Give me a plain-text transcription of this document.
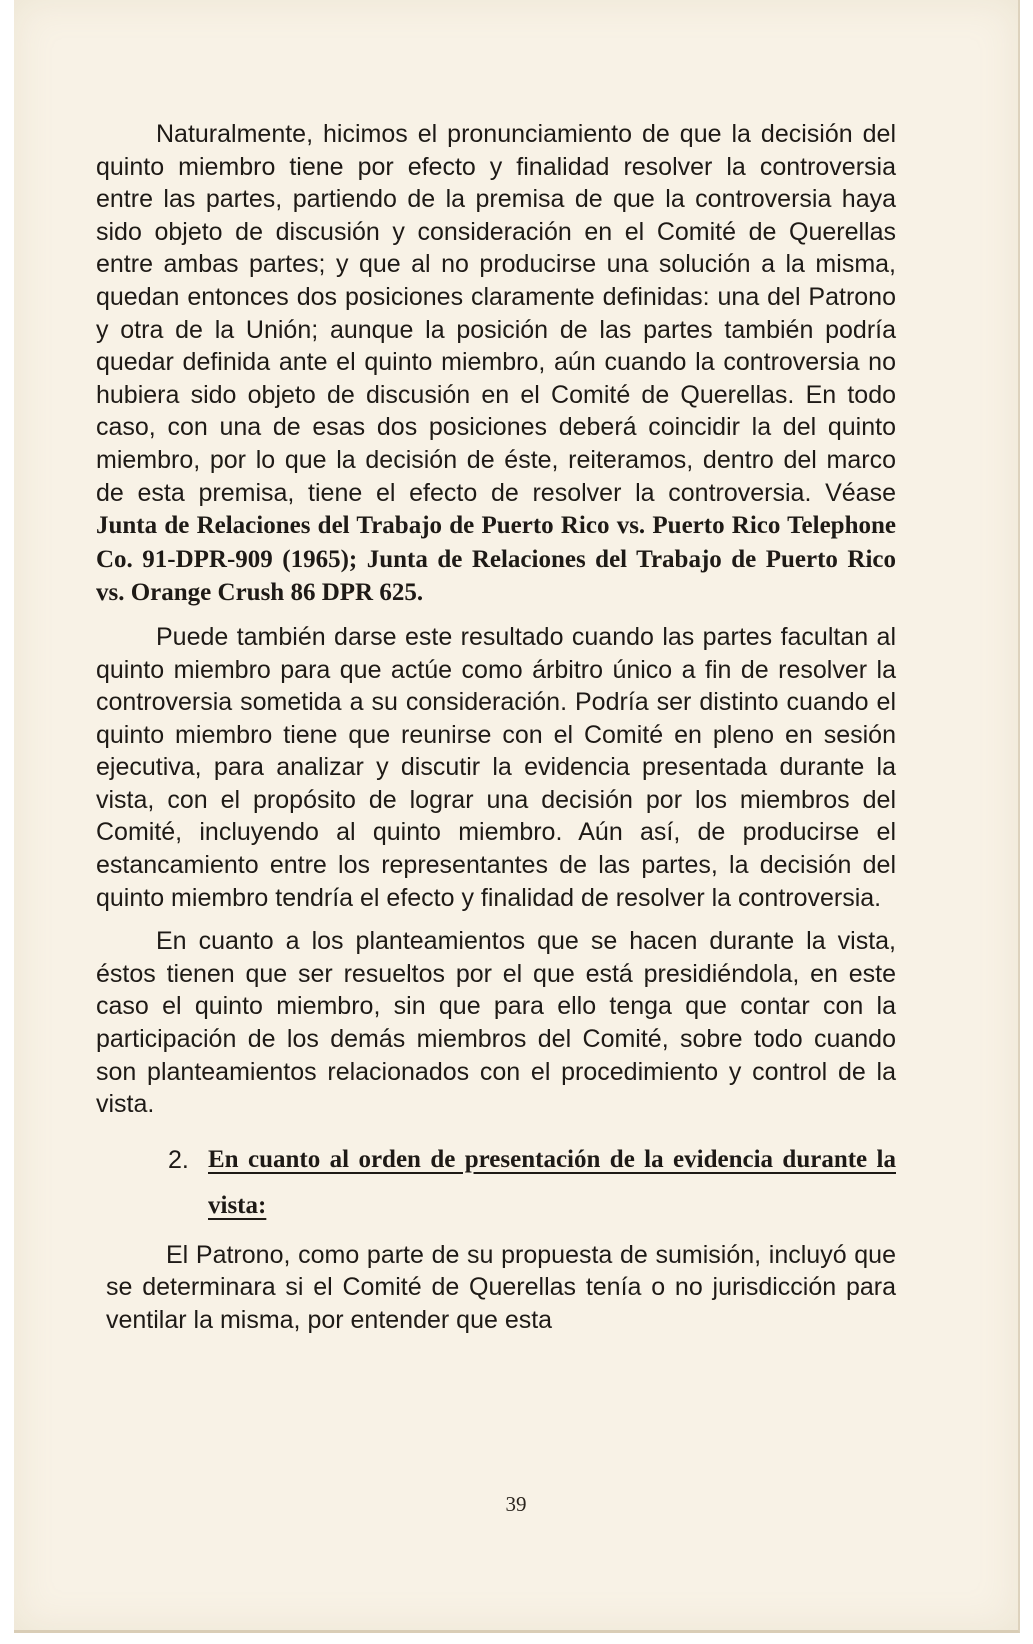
Naturalmente, hicimos el pronunciamiento de que la decisión del quinto miembro tiene por efecto y finalidad resolver la controversia entre las partes, partiendo de la premisa de que la controversia haya sido objeto de discusión y consideración en el Comité de Querellas entre ambas partes; y que al no producirse una solución a la misma, quedan entonces dos posiciones claramente definidas: una del Patrono y otra de la Unión; aunque la posición de las partes también podría quedar definida ante el quinto miembro, aún cuando la controversia no hubiera sido objeto de discusión en el Comité de Querellas. En todo caso, con una de esas dos posiciones deberá coincidir la del quinto miembro, por lo que la decisión de éste, reiteramos, dentro del marco de esta premisa, tiene el efecto de resolver la controversia. Véase Junta de Relaciones del Trabajo de Puerto Rico vs. Puerto Rico Telephone Co. 91-DPR-909 (1965); Junta de Relaciones del Trabajo de Puerto Rico vs. Orange Crush 86 DPR 625.

Puede también darse este resultado cuando las partes facultan al quinto miembro para que actúe como árbitro único a fin de resolver la controversia sometida a su consideración. Podría ser distinto cuando el quinto miembro tiene que reunirse con el Comité en pleno en sesión ejecutiva, para analizar y discutir la evidencia presentada durante la vista, con el propósito de lograr una decisión por los miembros del Comité, incluyendo al quinto miembro. Aún así, de producirse el estancamiento entre los representantes de las partes, la decisión del quinto miembro tendría el efecto y finalidad de resolver la controversia.

En cuanto a los planteamientos que se hacen durante la vista, éstos tienen que ser resueltos por el que está presidiéndola, en este caso el quinto miembro, sin que para ello tenga que contar con la participación de los demás miembros del Comité, sobre todo cuando son planteamientos relacionados con el procedimiento y control de la vista.

2. En cuanto al orden de presentación de la evidencia durante la vista:

El Patrono, como parte de su propuesta de sumisión, incluyó que se determinara si el Comité de Querellas tenía o no jurisdicción para ventilar la misma, por entender que esta

39
